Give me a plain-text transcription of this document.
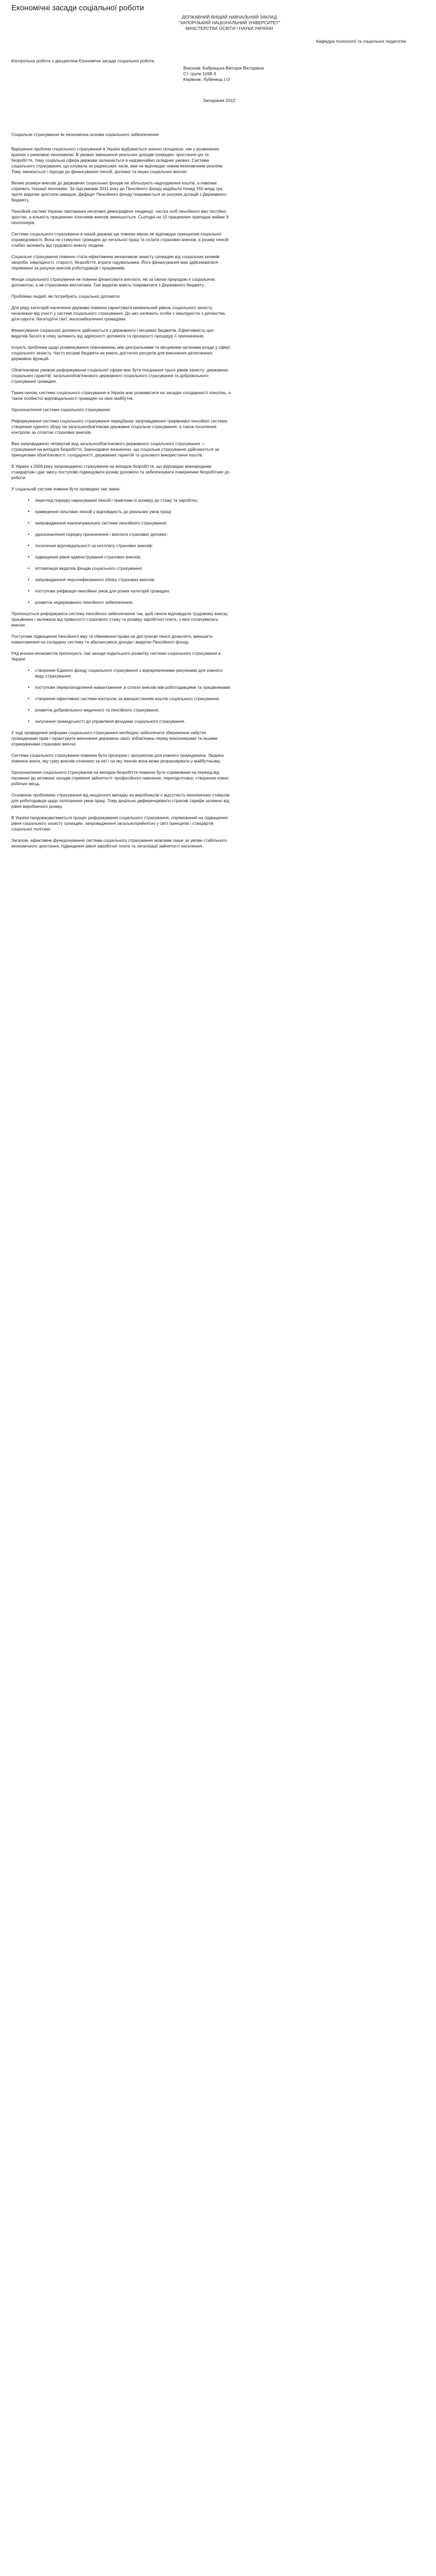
Економічні засади соціальної роботи
ДЕРЖАВНИЙ ВИЩИЙ НАВЧАЛЬНИЙ ЗАКЛАД
"ЗАПОРІЗЬКИЙ НАЦІОНАЛЬНИЙ УНІВЕРСИТЕТ"
МІНІСТЕРСТВА ОСВІТИ І НАУКИ УКРАЇНИ
Кафедра психології та соціальної педагогіки
Контрольна робота з дисципліни Економічні засади соціальної роботи.
Виконав: Бобрицька Вікторія Вікторівна
Ст. групи 1168-3
Керівник: Лубенець I.O
Запоріжжя 2012
Соціальне страхування як економічна основа соціального забезпечення

Вирішення проблем соціального страхування в Україні відбувається значно складніше, ніж у розвинених країнах з ринковою економікою. В умовах зменшення реальних доходів громадян, зростання цін та безробіття, тому соціальна сфера держави залишається в надзвичайно складних умовах. Система соціального страхування, що існувала за радянських часів, вже не відповідає новим економічним реаліям. Тому змінюються і підходи до фінансування пенсій, допомог та інших соціальних виплат.

Великі розміри внесків до державних соціальних фондів не збільшують надходження коштів, а навпаки сприяють тінізації економіки. За підсумками 2011 року до Пенсійного фонду надійшло понад 150 млрд грн, проте видатки зростали швидше. Дефіцит Пенсійного фонду покривається за рахунок дотацій з Державного бюджету.

Пенсійній системі України притаманні негативні демографічні тенденції: частка осіб пенсійного віку постійно зростає, а кількість працюючих платників внесків зменшується. Сьогодні на 10 працюючих припадає майже 9 пенсіонерів.

Система соціального страхування в нашій державі ще повною мірою не відповідає принципам соціальної справедливості. Вона не стимулює громадян до легальної праці та сплати страхових внесків, а розмір пенсій слабко залежить від трудового внеску людини.

Соціальне страхування повинно стати ефективним механізмом захисту громадян від соціальних ризиків: хвороби, інвалідності, старості, безробіття, втрати годувальника. Його фінансування має здійснюватися переважно за рахунок внесків роботодавців і працівників.

Фонди соціального страхування не повинні фінансувати виплати, які за своєю природою є соціальною допомогою, а не страховими виплатами. Такі видатки мають покриватися з Державного бюджету.

Проблема людей, які потребують соціальної допомоги

Для ряду категорій населення держава повинна гарантувати мінімальний рівень соціального захисту незалежно від участі у системі соціального страхування. До них належать особи з інвалідністю з дитинства, діти-сироти, багатодітні сім'ї, малозабезпечені громадяни.

Фінансування соціальної допомоги здійснюється з державного і місцевих бюджетів. Ефективність цих видатків багато в чому залежить від адресності допомоги та прозорості процедур її призначення.

Існують проблеми щодо розмежування повноважень між центральними та місцевими органами влади у сфері соціального захисту. Часто місцеві бюджети не мають достатніх ресурсів для виконання делегованих державою функцій.

Обов'язковою умовою реформування соціальної сфери має бути поєднання трьох рівнів захисту: державних соціальних гарантій, загальнообов'язкового державного соціального страхування та добровільного страхування громадян.

Таким чином, система соціального страхування в Україні має розвиватися на засадах солідарності поколінь, а також особистої відповідальності громадян за своє майбутнє.

Удосконалення системи соціального страхування.

Реформування системи соціального страхування передбачає запровадження трирівневої пенсійної системи, створення єдиного збору на загальнообов'язкове державне соціальне страхування, а також посилення контролю за сплатою страхових внесків.

Вже запроваджено четвертий вид загальнообов'язкового державного соціального страхування — страхування на випадок безробіття. Законодавчо визначено, що соціальне страхування здійснюється за принципами обов'язковості, солідарності, державних гарантій та цільового використання коштів.

В Україні з 2004 року запроваджено страхування на випадок безробіття, що відповідає міжнародним стандартам і дає змогу поступово підвищувати розмір допомоги та забезпечувати повернення безробітних до роботи.

У соціальній системі повинні бути проведені такі зміни:

• перегляд порядку нарахування пенсій і прив'язки їх розміру до стажу та заробітку;
• приведення пільгових пенсій у відповідність до реальних умов праці;
• запровадження накопичувальної системи пенсійного страхування;
• удосконалення порядку призначення і виплати страхових допомог;
• посилення відповідальності за несплату страхових внесків;
• підвищення рівня адміністрування страхових внесків;
• оптимізація видатків фондів соціального страхування;
• запровадження персоніфікованого обліку страхових внесків;
• поступова уніфікація пенсійних умов для різних категорій громадян;
• розвиток недержавного пенсійного забезпечення.

Пропонується реформувати систему пенсійного забезпечення так, щоб пенсія відповідала трудовому внеску працівника і залежала від тривалості страхового стажу та розміру заробітної плати, з якої сплачувались внески.

Поступове підвищення пенсійного віку та обмеження права на дострокові пенсії дозволять зменшити навантаження на солідарну систему та збалансувати доходи і видатки Пенсійного фонду.

Ряд вчених-економістів пропонують такі заходи подальшого розвитку системи соціального страхування в Україні:
• створення Єдиного фонду соціального страхування з відокремленими рахунками для кожного виду страхування;
• поступове перерозподілення навантаження зі сплати внесків між роботодавцями та працівниками;
• створення ефективної системи контролю за використанням коштів соціального страхування;
• розвиток добровільного медичного та пенсійного страхування;
• залучення громадськості до управління фондами соціального страхування.

У ході проведення реформи соціального страхування необхідно забезпечити збереження набутих громадянами прав і гарантувати виконання державою своїх зобов'язань перед пенсіонерами та іншими отримувачами страхових виплат.

Система соціального страхування повинна бути прозорою і зрозумілою для кожного громадянина. Людина повинна знати, яку суму внесків сплачено за неї і на яку пенсію вона може розраховувати у майбутньому.

Удосконалення соціального страхування на випадок безробіття повинно бути спрямоване на перехід від пасивних до активних заходів сприяння зайнятості: професійного навчання, перепідготовки, створення нових робочих місць.

Основною проблемою страхування від нещасного випадку на виробництві є відсутність економічних стимулів для роботодавців щодо поліпшення умов праці. Тому доцільно диференціювати страхові тарифи залежно від рівня виробничого ризику.

В Україні продовжуватиметься процес реформування соціального страхування, спрямований на підвищення рівня соціального захисту громадян, запровадження загальноприйнятих у світі принципів і стандартів соціальної політики.

Загалом, ефективне функціонування системи соціального страхування можливе лише за умови стабільного економічного зростання, підвищення рівня заробітної плати та легалізації зайнятості населення.
